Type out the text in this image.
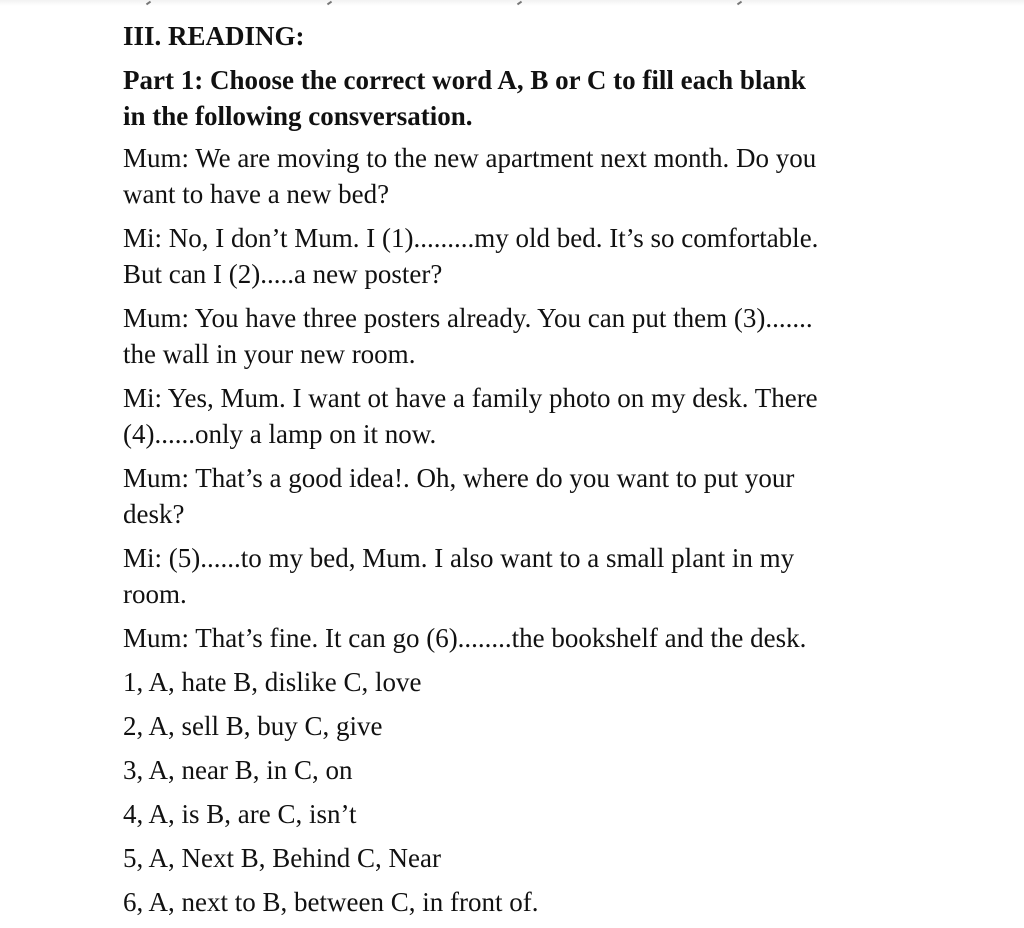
III. READING:
Part 1: Choose the correct word A, B or C to fill each blank
in the following consversation.
Mum: We are moving to the new apartment next month. Do you
want to have a new bed?
Mi: No, I don’t Mum. I (1).........my old bed. It’s so comfortable.
But can I (2).....a new poster?
Mum: You have three posters already. You can put them (3).......
the wall in your new room.
Mi: Yes, Mum. I want ot have a family photo on my desk. There
(4)......only a lamp on it now.
Mum: That’s a good idea!. Oh, where do you want to put your
desk?
Mi: (5)......to my bed, Mum. I also want to a small plant in my
room.
Mum: That’s fine. It can go (6)........the bookshelf and the desk.
1, A, hate B, dislike C, love
2, A, sell B, buy C, give
3, A, near B, in C, on
4, A, is B, are C, isn’t
5, A, Next B, Behind C, Near
6, A, next to B, between C, in front of.
